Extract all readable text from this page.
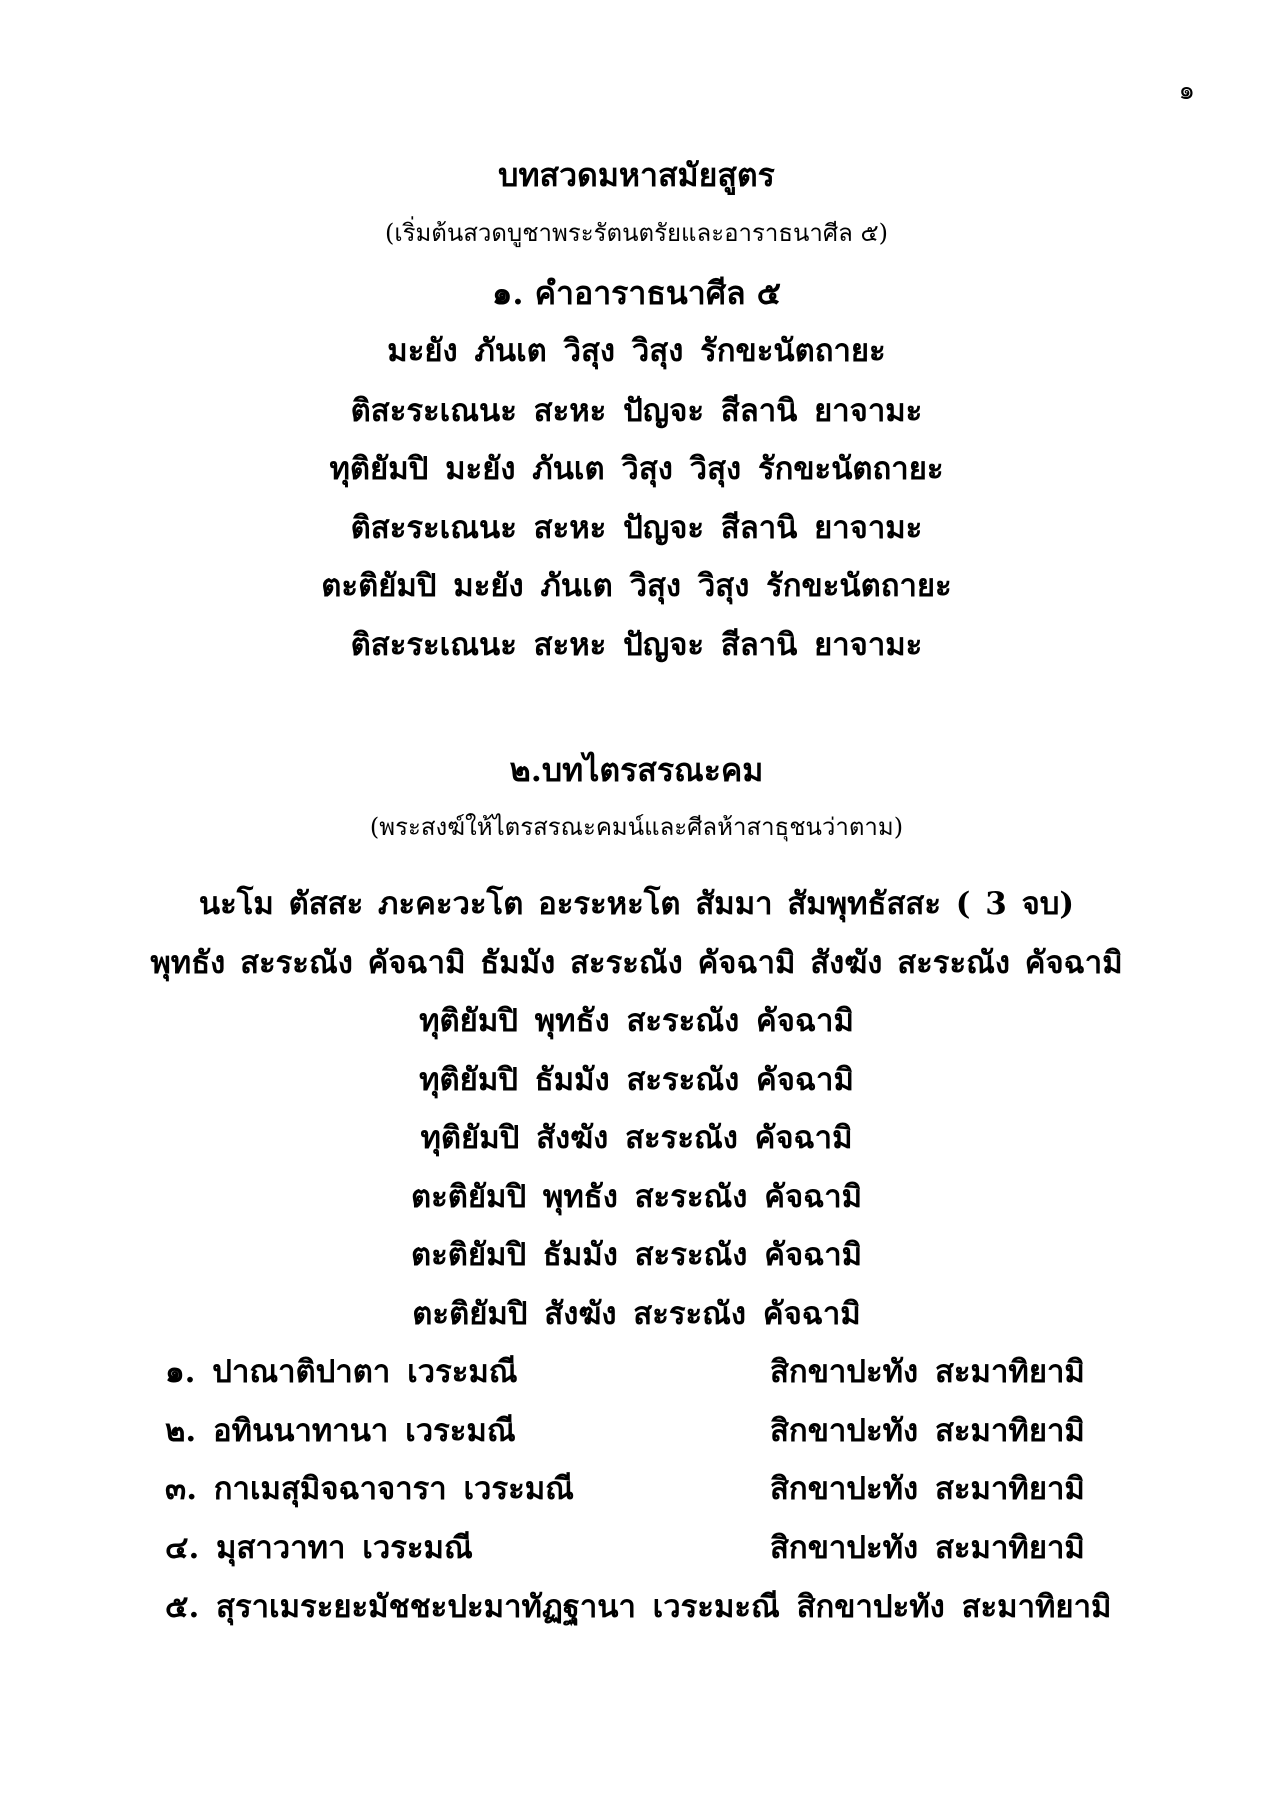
๑
บทสวดมหาสมัยสูตร
(เริ่มต้นสวดบูชาพระรัตนตรัยและอาราธนาศีล ๕)
๑. คำอาราธนาศีล ๕
มะยัง ภันเต วิสุง วิสุง รักขะนัตถายะ
ติสะระเณนะ สะหะ ปัญจะ สีลานิ ยาจามะ
ทุติยัมปิ มะยัง ภันเต วิสุง วิสุง รักขะนัตถายะ
ติสะระเณนะ สะหะ ปัญจะ สีลานิ ยาจามะ
ตะติยัมปิ มะยัง ภันเต วิสุง วิสุง รักขะนัตถายะ
ติสะระเณนะ สะหะ ปัญจะ สีลานิ ยาจามะ
๒.บทไตรสรณะคม
(พระสงฆ์ให้ไตรสรณะคมน์และศีลห้าสาธุชนว่าตาม)
นะโม ตัสสะ ภะคะวะโต อะระหะโต สัมมา สัมพุทธัสสะ ( 3 จบ)
พุทธัง สะระณัง คัจฉามิ ธัมมัง สะระณัง คัจฉามิ สังฆัง สะระณัง คัจฉามิ
ทุติยัมปิ พุทธัง สะระณัง คัจฉามิ
ทุติยัมปิ ธัมมัง สะระณัง คัจฉามิ
ทุติยัมปิ สังฆัง สะระณัง คัจฉามิ
ตะติยัมปิ พุทธัง สะระณัง คัจฉามิ
ตะติยัมปิ ธัมมัง สะระณัง คัจฉามิ
ตะติยัมปิ สังฆัง สะระณัง คัจฉามิ
๑. ปาณาติปาตา เวระมณี	สิกขาปะทัง สะมาทิยามิ
๒. อทินนาทานา เวระมณี	สิกขาปะทัง สะมาทิยามิ
๓. กาเมสุมิจฉาจารา เวระมณี	สิกขาปะทัง สะมาทิยามิ
๔. มุสาวาทา เวระมณี	สิกขาปะทัง สะมาทิยามิ
๕. สุราเมระยะมัชชะปะมาทัฏฐานา เวระมะณี สิกขาปะทัง สะมาทิยามิ
